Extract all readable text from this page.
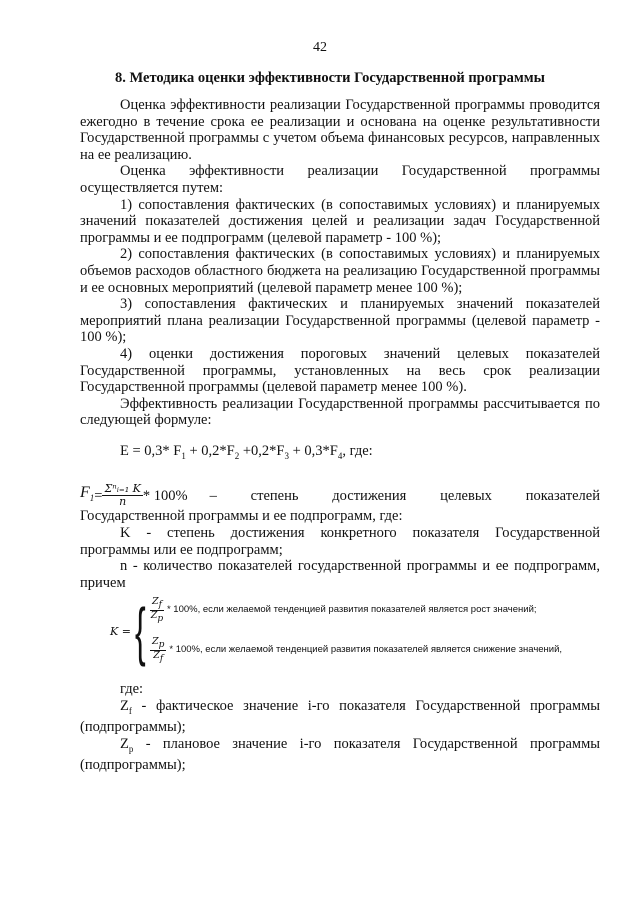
42
8. Методика оценки эффективности Государственной программы

Оценка эффективности реализации Государственной программы проводится ежегодно в течение срока ее реализации и основана на оценке результативности Государственной программы с учетом объема финансовых ресурсов, направленных на ее реализацию.

Оценка эффективности реализации Государственной программы осуществляется путем:

1) сопоставления фактических (в сопоставимых условиях) и планируемых значений показателей достижения целей и реализации задач Государственной программы и ее подпрограмм (целевой параметр - 100 %);

2) сопоставления фактических (в сопоставимых условиях) и планируемых объемов расходов областного бюджета на реализацию Государственной программы и ее основных мероприятий (целевой параметр менее 100 %);

3) сопоставления фактических и планируемых значений показателей мероприятий плана реализации Государственной программы (целевой параметр - 100 %);

4) оценки достижения пороговых значений целевых показателей Государственной программы, установленных на весь срок реализации Государственной программы (целевой параметр менее 100 %).

Эффективность реализации Государственной программы рассчитывается по следующей формуле:

E = 0,3* $F_1 + 0,2*F_2 +0,2*F_3 + 0,3*F_4$, где:

$F_1 = \frac{\text{Σⁿᵢ₌₁ K}}{n} * 100\%$ – степень достижения целевых показателей

Государственной программы и ее подпрограмм, где:

K - степень достижения конкретного показателя Государственной программы или ее подпрограмм;

n - количество показателей государственной программы и ее подпрограмм, причем

K = { $\frac{Z_f}{Z_p} * 100\%$, если желаемой тенденцией развития показателей является рост значений;
$\frac{Z_p}{Z_f} * 100\%$, если желаемой тенденцией развития показателей является снижение значений,

где:

$Z_f$ - фактическое значение i-го показателя Государственной программы (подпрограммы);

$Z_p$ - плановое значение i-го показателя Государственной программы (подпрограммы);
